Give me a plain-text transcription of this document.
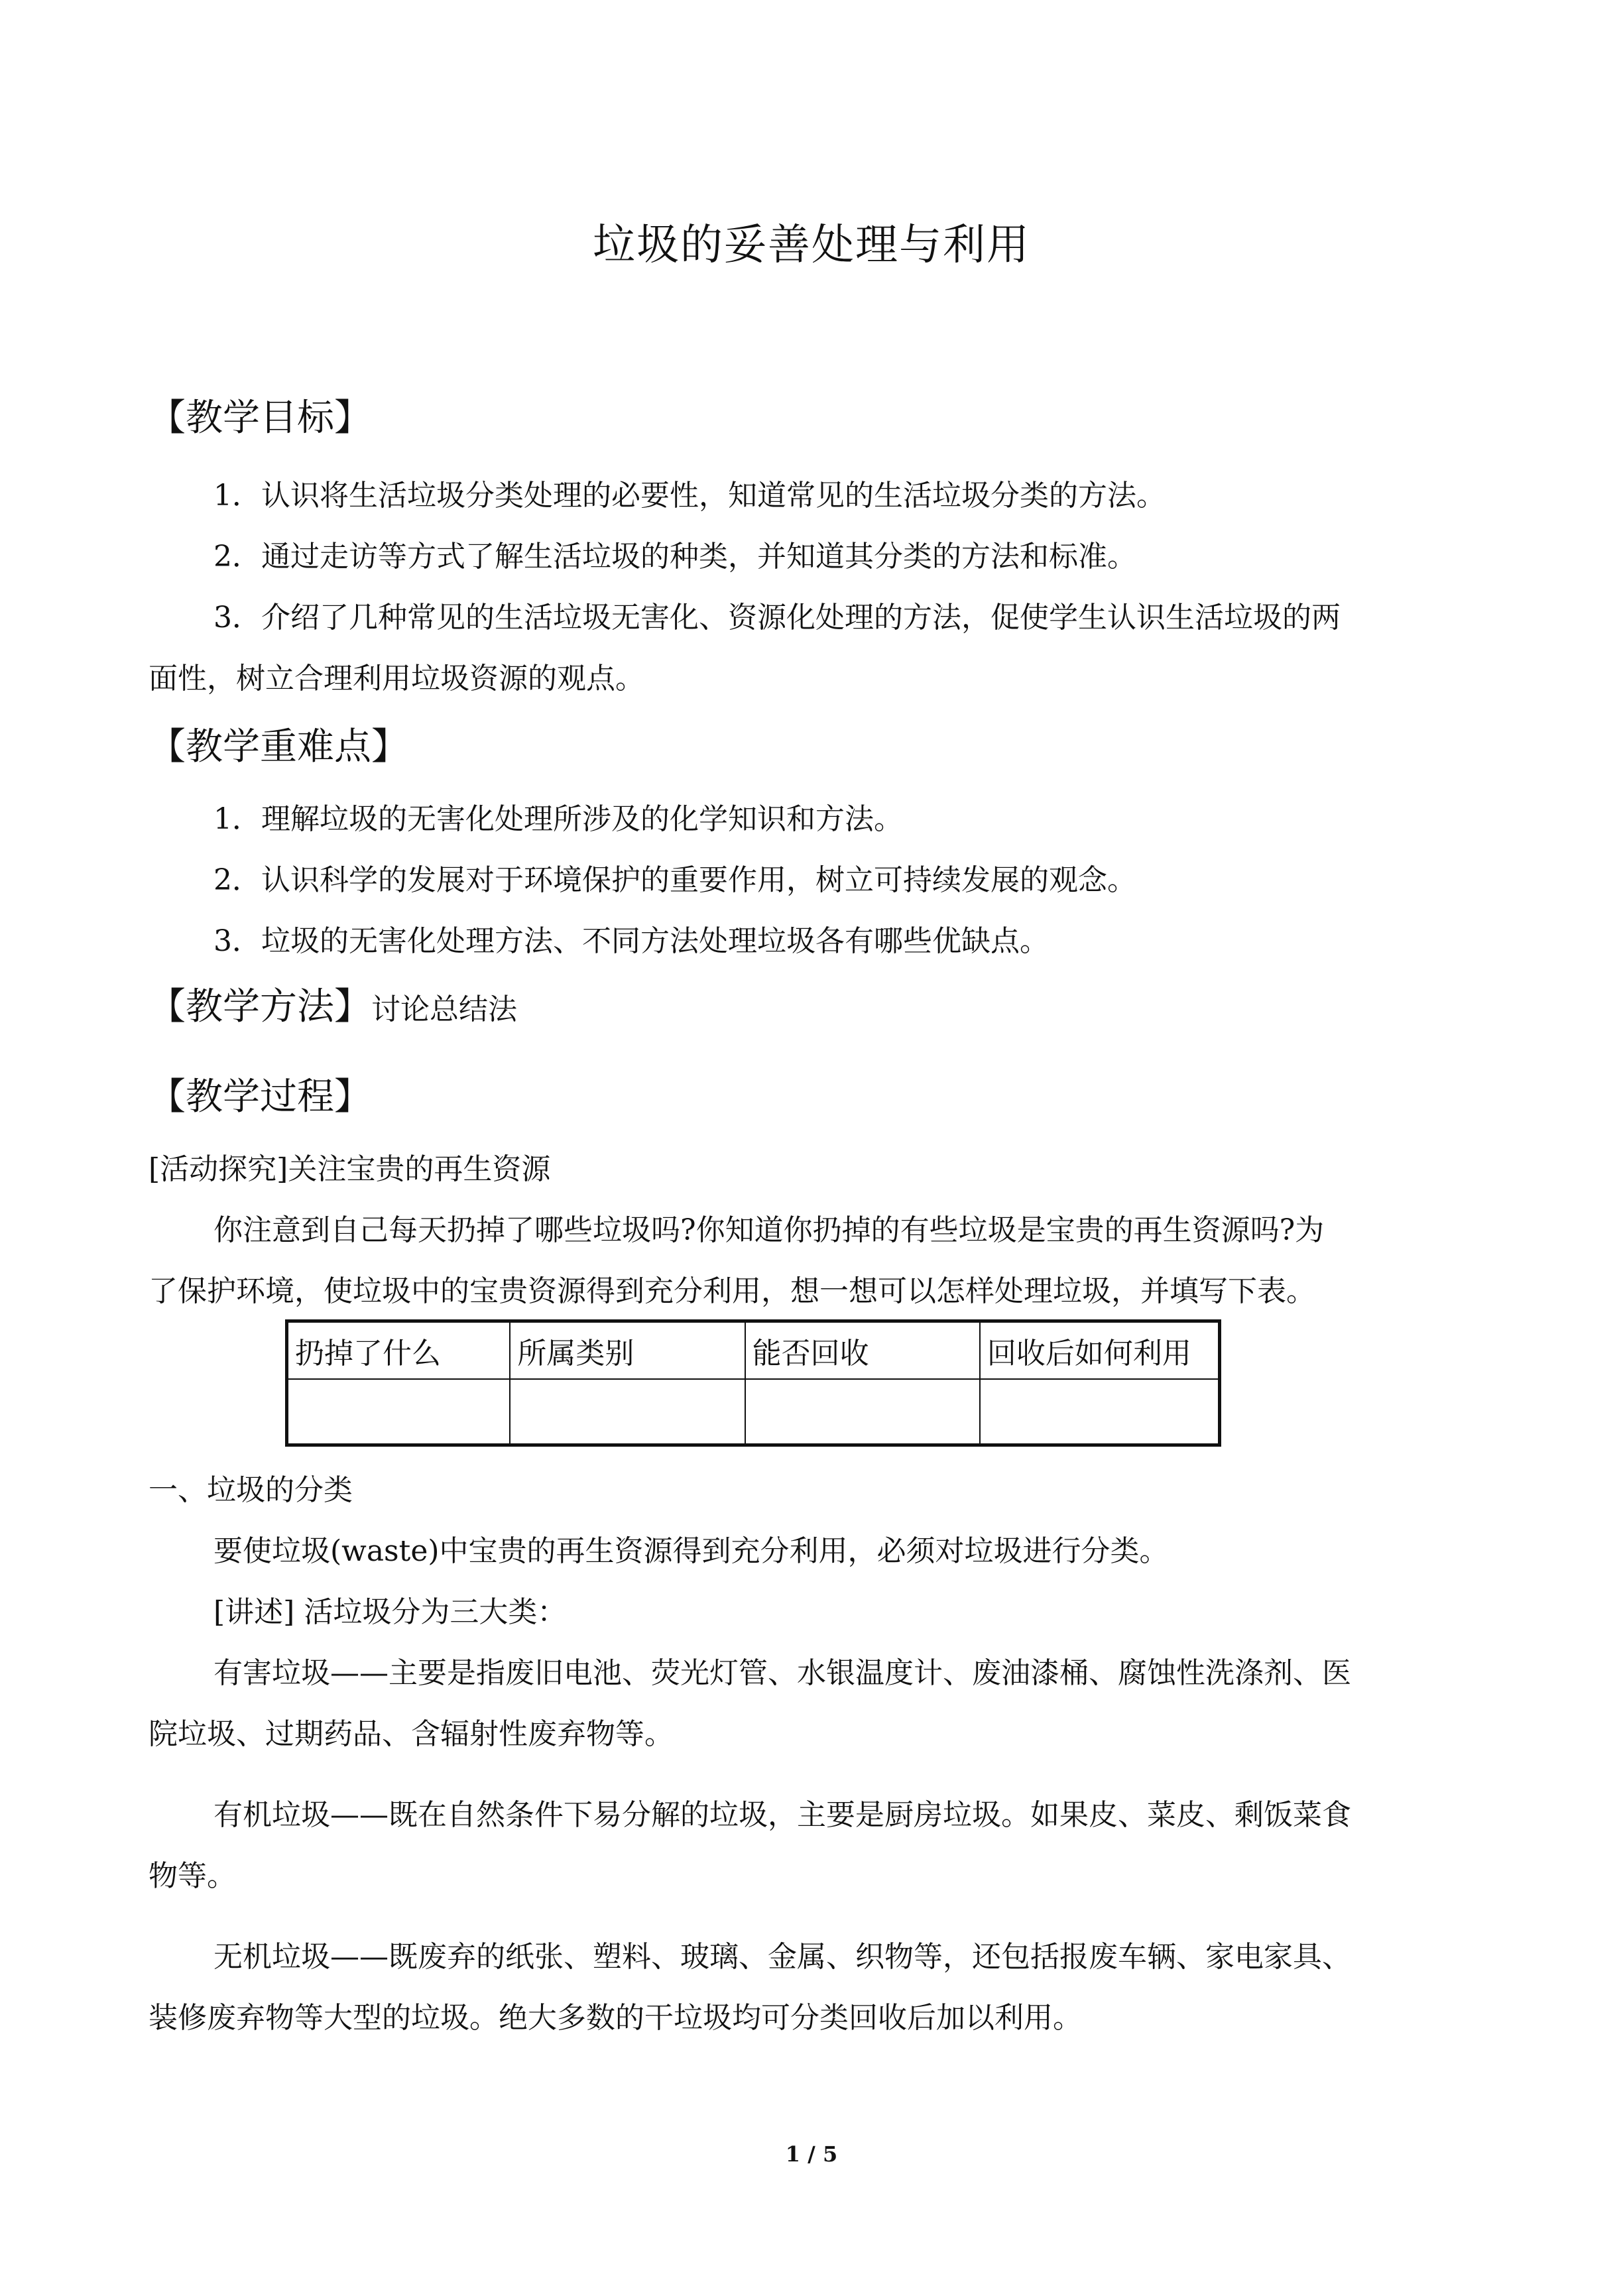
垃圾的妥善处理与利用
【教学目标】
1．认识将生活垃圾分类处理的必要性，知道常见的生活垃圾分类的方法。
2．通过走访等方式了解生活垃圾的种类，并知道其分类的方法和标准。
3．介绍了几种常见的生活垃圾无害化、资源化处理的方法，促使学生认识生活垃圾的两
面性，树立合理利用垃圾资源的观点。
【教学重难点】
1．理解垃圾的无害化处理所涉及的化学知识和方法。
2．认识科学的发展对于环境保护的重要作用，树立可持续发展的观念。
3．垃圾的无害化处理方法、不同方法处理垃圾各有哪些优缺点。
【教学方法】讨论总结法
【教学过程】
[活动探究]关注宝贵的再生资源
你注意到自己每天扔掉了哪些垃圾吗?你知道你扔掉的有些垃圾是宝贵的再生资源吗?为
了保护环境，使垃圾中的宝贵资源得到充分利用，想一想可以怎样处理垃圾，并填写下表。
扔掉了什么	所属类别	能否回收	回收后如何利用

一、垃圾的分类
要使垃圾(waste)中宝贵的再生资源得到充分利用，必须对垃圾进行分类。
[讲述] 活垃圾分为三大类：
有害垃圾——主要是指废旧电池、荧光灯管、水银温度计、废油漆桶、腐蚀性洗涤剂、医
院垃圾、过期药品、含辐射性废弃物等。
有机垃圾——既在自然条件下易分解的垃圾，主要是厨房垃圾。如果皮、菜皮、剩饭菜食
物等。
无机垃圾——既废弃的纸张、塑料、玻璃、金属、织物等，还包括报废车辆、家电家具、
装修废弃物等大型的垃圾。绝大多数的干垃圾均可分类回收后加以利用。
1 / 5
